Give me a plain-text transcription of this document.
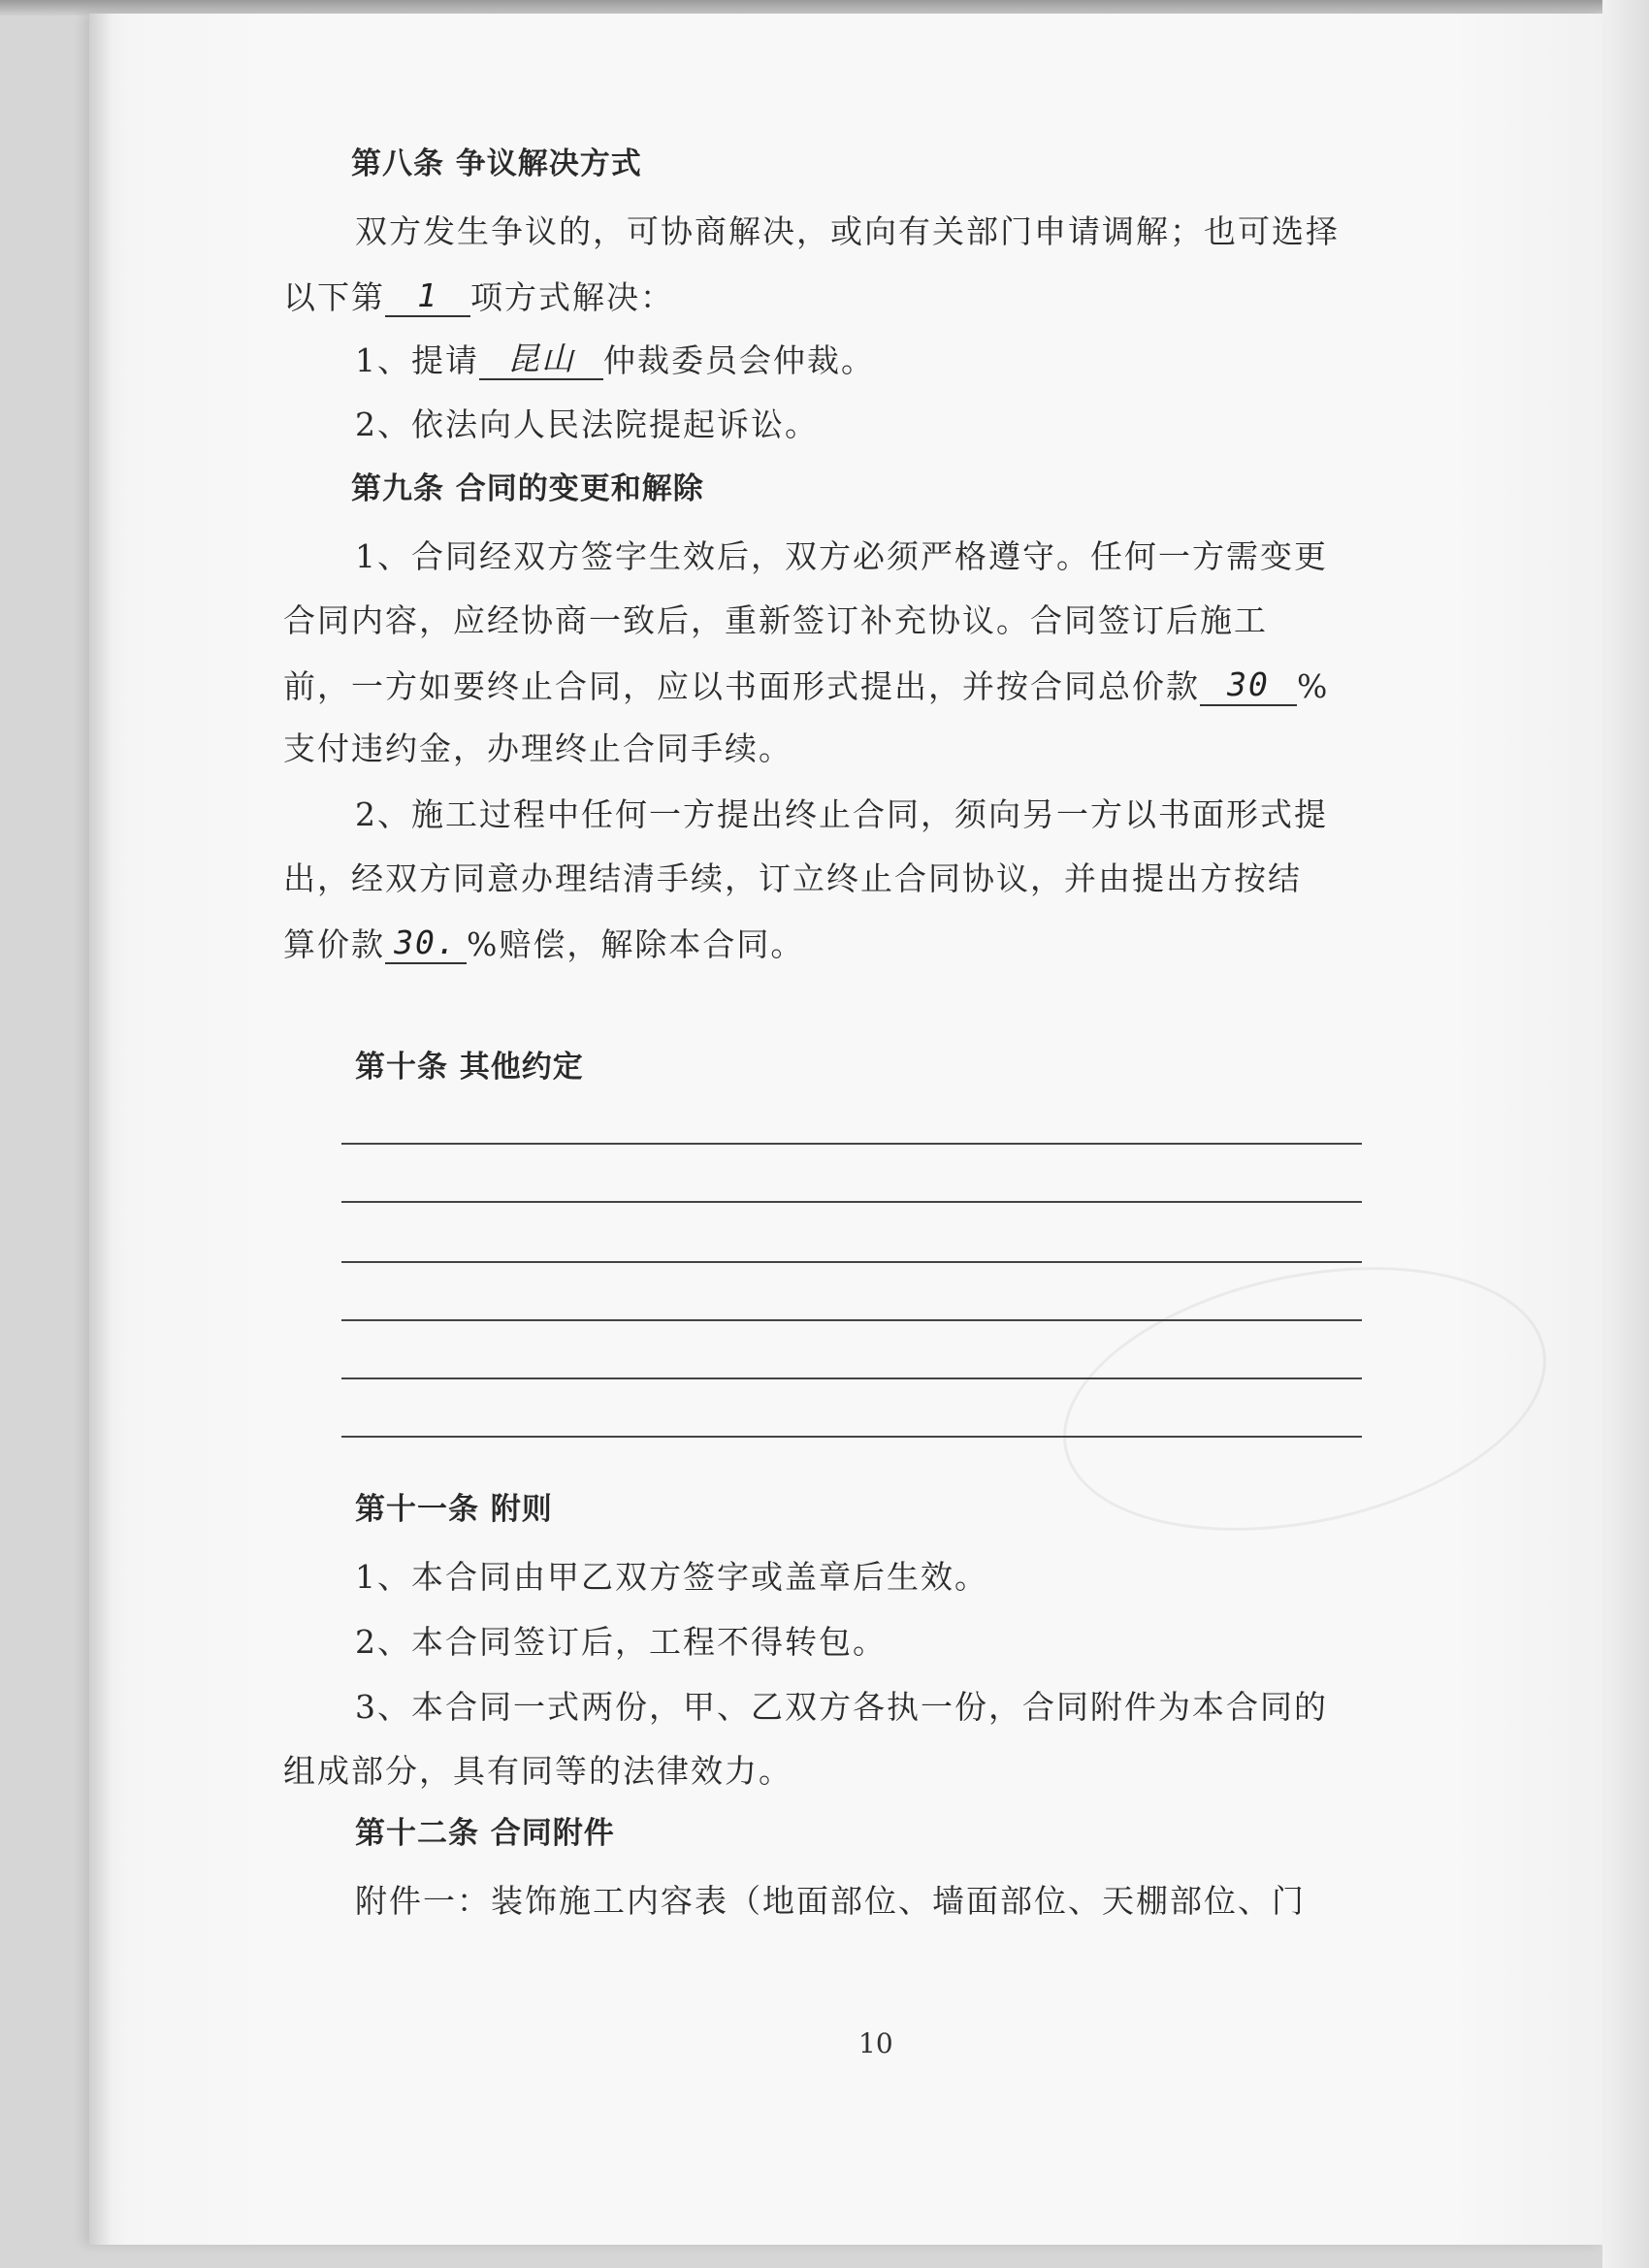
第八条 争议解决方式
双方发生争议的，可协商解决，或向有关部门申请调解；也可选择
以下第 1 项方式解决：
1、提请 昆山 仲裁委员会仲裁。
2、依法向人民法院提起诉讼。
第九条 合同的变更和解除
1、合同经双方签字生效后，双方必须严格遵守。任何一方需变更
合同内容，应经协商一致后，重新签订补充协议。合同签订后施工
前，一方如要终止合同，应以书面形式提出，并按合同总价款 30 %
支付违约金，办理终止合同手续。
2、施工过程中任何一方提出终止合同，须向另一方以书面形式提
出，经双方同意办理结清手续，订立终止合同协议，并由提出方按结
算价款 30. %赔偿，解除本合同。
第十条 其他约定
第十一条 附则
1、本合同由甲乙双方签字或盖章后生效。
2、本合同签订后，工程不得转包。
3、本合同一式两份，甲、乙双方各执一份，合同附件为本合同的
组成部分，具有同等的法律效力。
第十二条 合同附件
附件一：装饰施工内容表（地面部位、墙面部位、天棚部位、门
10
